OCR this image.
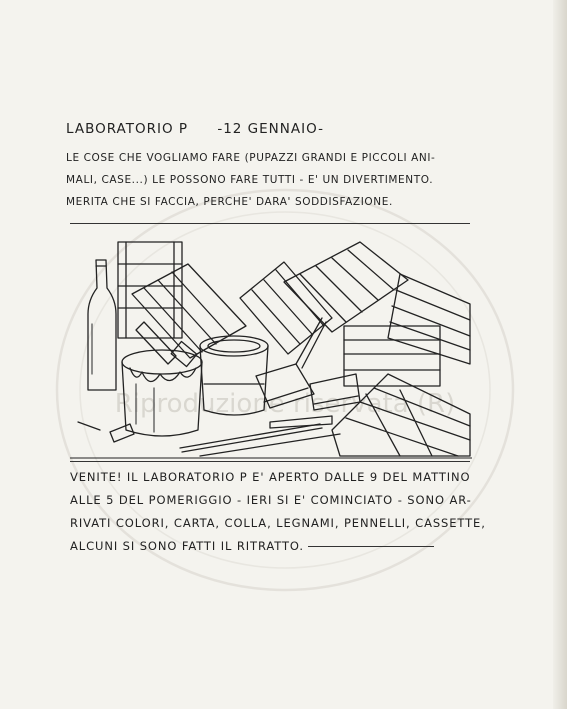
Riproduzione riservata (R)
LABORATORIO P -12 GENNAIO-
LE COSE CHE VOGLIAMO FARE (PUPAZZI GRANDI E PICCOLI ANI-
MALI, CASE...) LE POSSONO FARE TUTTI - E' UN DIVERTIMENTO.
MERITA CHE SI FACCIA, PERCHE' DARA' SODDISFAZIONE.
VENITE! IL LABORATORIO P E' APERTO DALLE 9 DEL MATTINO
ALLE 5 DEL POMERIGGIO - IERI SI E' COMINCIATO - SONO AR-
RIVATI COLORI, CARTA, COLLA, LEGNAMI, PENNELLI, CASSETTE,
ALCUNI SI SONO FATTI IL RITRATTO.
